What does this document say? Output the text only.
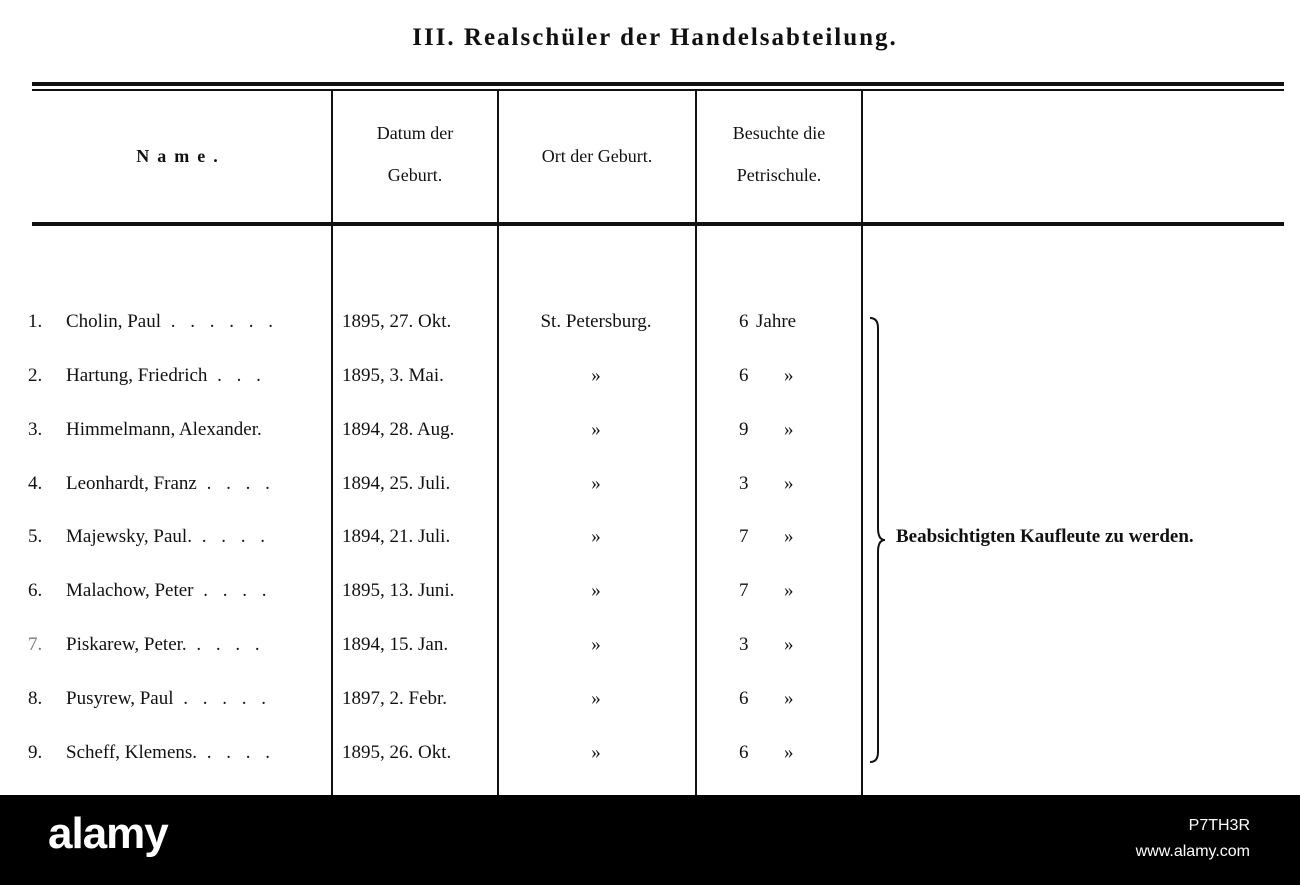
III. Realschüler der Handelsabteilung.
Name.
Datum der
Geburt.
Ort der Geburt.
Besuchte die
Petrischule.
1. Cholin, Paul . . . . . .	1895, 27. Okt.	St. Petersburg.	6 Jahre
2. Hartung, Friedrich . . .	1895, 3. Mai.	»	6 »
3. Himmelmann, Alexander.	1894, 28. Aug.	»	9 »
4. Leonhardt, Franz . . . .	1894, 25. Juli.	»	3 »
5. Majewsky, Paul. . . . .	1894, 21. Juli.	»	7 »
6. Malachow, Peter . . . .	1895, 13. Juni.	»	7 »
7. Piskarew, Peter. . . . .	1894, 15. Jan.	»	3 »
8. Pusyrew, Paul . . . . .	1897, 2. Febr.	»	6 »
9. Scheff, Klemens. . . . .	1895, 26. Okt.	»	6 »
Beabsichtigten Kaufleute zu werden.
alamy	P7TH3R
www.alamy.com
